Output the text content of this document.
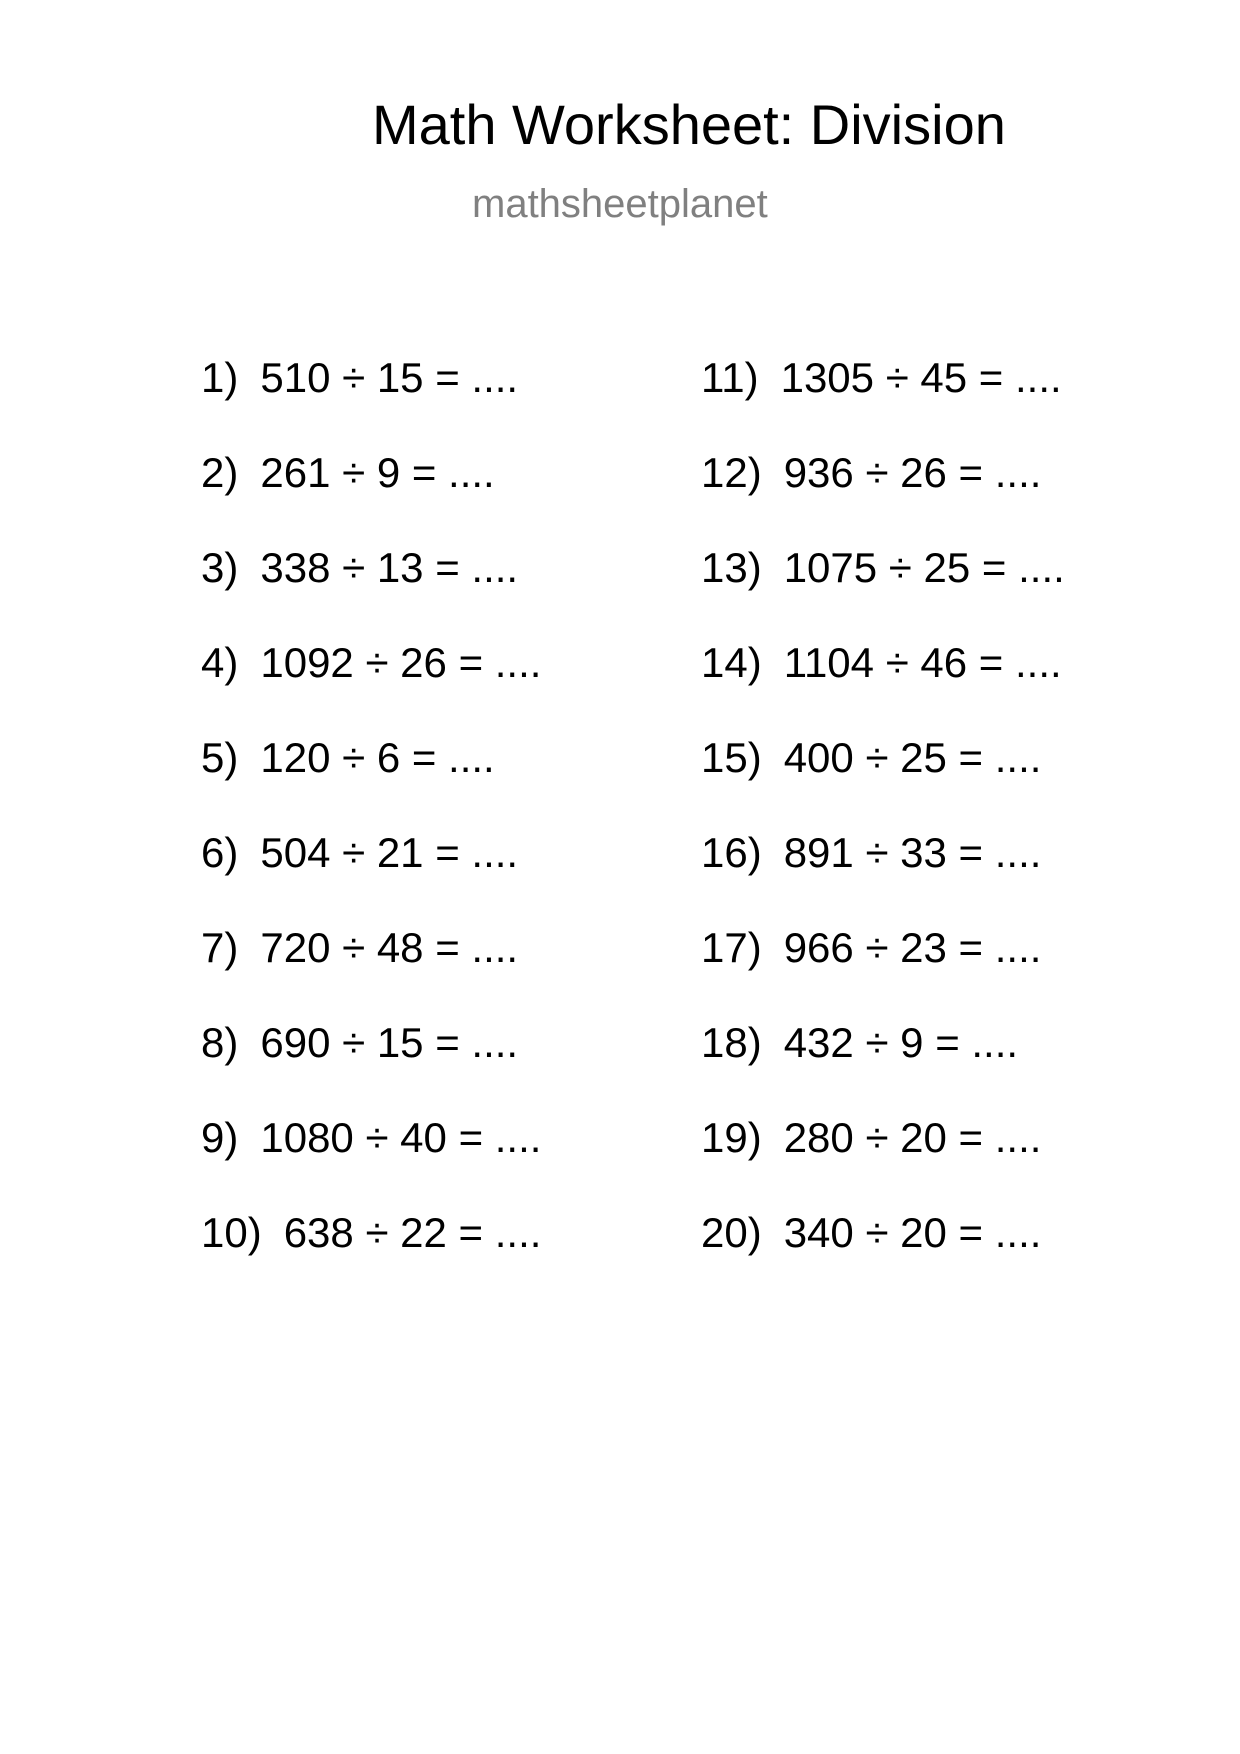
Math Worksheet: Division
mathsheetplanet
1) 510 ÷ 15 = ....
2) 261 ÷ 9 = ....
3) 338 ÷ 13 = ....
4) 1092 ÷ 26 = ....
5) 120 ÷ 6 = ....
6) 504 ÷ 21 = ....
7) 720 ÷ 48 = ....
8) 690 ÷ 15 = ....
9) 1080 ÷ 40 = ....
10) 638 ÷ 22 = ....
11) 1305 ÷ 45 = ....
12) 936 ÷ 26 = ....
13) 1075 ÷ 25 = ....
14) 1104 ÷ 46 = ....
15) 400 ÷ 25 = ....
16) 891 ÷ 33 = ....
17) 966 ÷ 23 = ....
18) 432 ÷ 9 = ....
19) 280 ÷ 20 = ....
20) 340 ÷ 20 = ....
